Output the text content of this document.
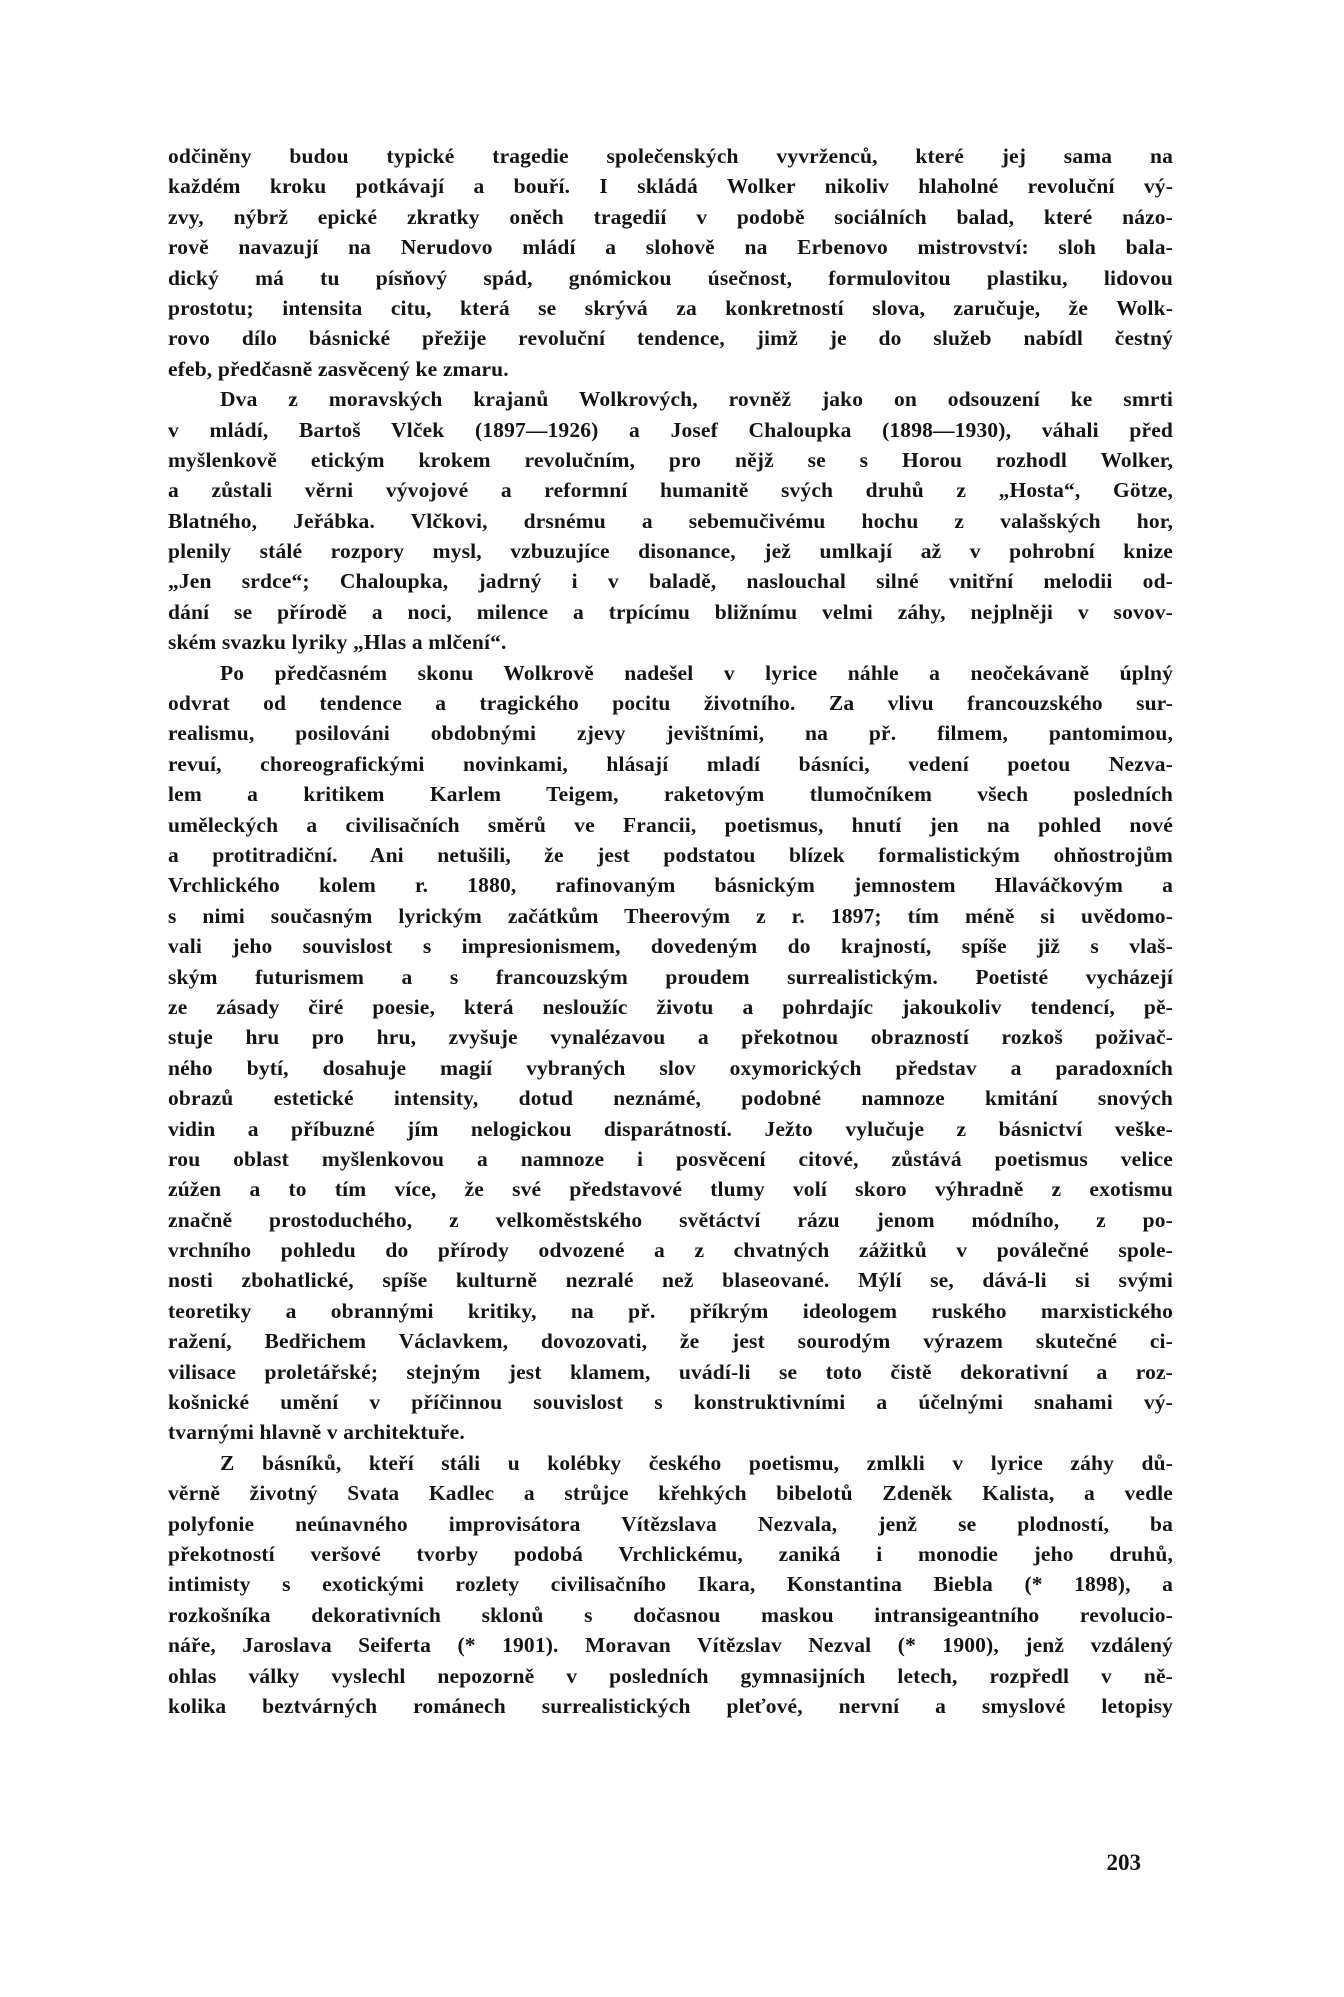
odčiněny budou typické tragedie společenských vyvrženců, které jej sama na
každém kroku potkávají a bouří. I skládá Wolker nikoliv hlaholné revoluční vý-
zvy, nýbrž epické zkratky oněch tragedií v podobě sociálních balad, které názo-
rově navazují na Nerudovo mládí a slohově na Erbenovo mistrovství: sloh bala-
dický má tu písňový spád, gnómickou úsečnost, formulovitou plastiku, lidovou
prostotu; intensita citu, která se skrývá za konkretností slova, zaručuje, že Wolk-
rovo dílo básnické přežije revoluční tendence, jimž je do služeb nabídl čestný
efeb, předčasně zasvěcený ke zmaru.
Dva z moravských krajanů Wolkrových, rovněž jako on odsouzení ke smrti
v mládí, Bartoš Vlček (1897—1926) a Josef Chaloupka (1898—1930), váhali před
myšlenkově etickým krokem revolučním, pro nějž se s Horou rozhodl Wolker,
a zůstali věrni vývojové a reformní humanitě svých druhů z „Hosta“, Götze,
Blatného, Jeřábka. Vlčkovi, drsnému a sebemučivému hochu z valašských hor,
plenily stálé rozpory mysl, vzbuzujíce disonance, jež umlkají až v pohrobní knize
„Jen srdce“; Chaloupka, jadrný i v baladě, naslouchal silné vnitřní melodii od-
dání se přírodě a noci, milence a trpícímu bližnímu velmi záhy, nejplněji v sovov-
ském svazku lyriky „Hlas a mlčení“.
Po předčasném skonu Wolkrově nadešel v lyrice náhle a neočekávaně úplný
odvrat od tendence a tragického pocitu životního. Za vlivu francouzského sur-
realismu, posilováni obdobnými zjevy jevištními, na př. filmem, pantomimou,
revuí, choreografickými novinkami, hlásají mladí básníci, vedení poetou Nezva-
lem a kritikem Karlem Teigem, raketovým tlumočníkem všech posledních
uměleckých a civilisačních směrů ve Francii, poetismus, hnutí jen na pohled nové
a protitradiční. Ani netušili, že jest podstatou blízek formalistickým ohňostrojům
Vrchlického kolem r. 1880, rafinovaným básnickým jemnostem Hlaváčkovým a
s nimi současným lyrickým začátkům Theerovým z r. 1897; tím méně si uvědomo-
vali jeho souvislost s impresionismem, dovedeným do krajností, spíše již s vlaš-
ským futurismem a s francouzským proudem surrealistickým. Poetisté vycházejí
ze zásady čiré poesie, která nesloužíc životu a pohrdajíc jakoukoliv tendencí, pě-
stuje hru pro hru, zvyšuje vynalézavou a překotnou obrazností rozkoš poživač-
ného bytí, dosahuje magií vybraných slov oxymorických představ a paradoxních
obrazů estetické intensity, dotud neznámé, podobné namnoze kmitání snových
vidin a příbuzné jím nelogickou disparátností. Ježto vylučuje z básnictví veške-
rou oblast myšlenkovou a namnoze i posvěcení citové, zůstává poetismus velice
zúžen a to tím více, že své představové tlumy volí skoro výhradně z exotismu
značně prostoduchého, z velkoměstského světáctví rázu jenom módního, z po-
vrchního pohledu do přírody odvozené a z chvatných zážitků v poválečné spole-
nosti zbohatlické, spíše kulturně nezralé než blaseované. Mýlí se, dává-li si svými
teoretiky a obrannými kritiky, na př. příkrým ideologem ruského marxistického
ražení, Bedřichem Václavkem, dovozovati, že jest sourodým výrazem skutečné ci-
vilisace proletářské; stejným jest klamem, uvádí-li se toto čistě dekorativní a roz-
košnické umění v příčinnou souvislost s konstruktivními a účelnými snahami vý-
tvarnými hlavně v architektuře.
Z básníků, kteří stáli u kolébky českého poetismu, zmlkli v lyrice záhy dů-
věrně životný Svata Kadlec a strůjce křehkých bibelotů Zdeněk Kalista, a vedle
polyfonie neúnavného improvisátora Vítězslava Nezvala, jenž se plodností, ba
překotností veršové tvorby podobá Vrchlickému, zaniká i monodie jeho druhů,
intimisty s exotickými rozlety civilisačního Ikara, Konstantina Biebla (* 1898), a
rozkošníka dekorativních sklonů s dočasnou maskou intransigeantního revolucio-
náře, Jaroslava Seiferta (* 1901). Moravan Vítězslav Nezval (* 1900), jenž vzdálený
ohlas války vyslechl nepozorně v posledních gymnasijních letech, rozpředl v ně-
kolika beztvárných románech surrealistických pleťové, nervní a smyslové letopisy
203
